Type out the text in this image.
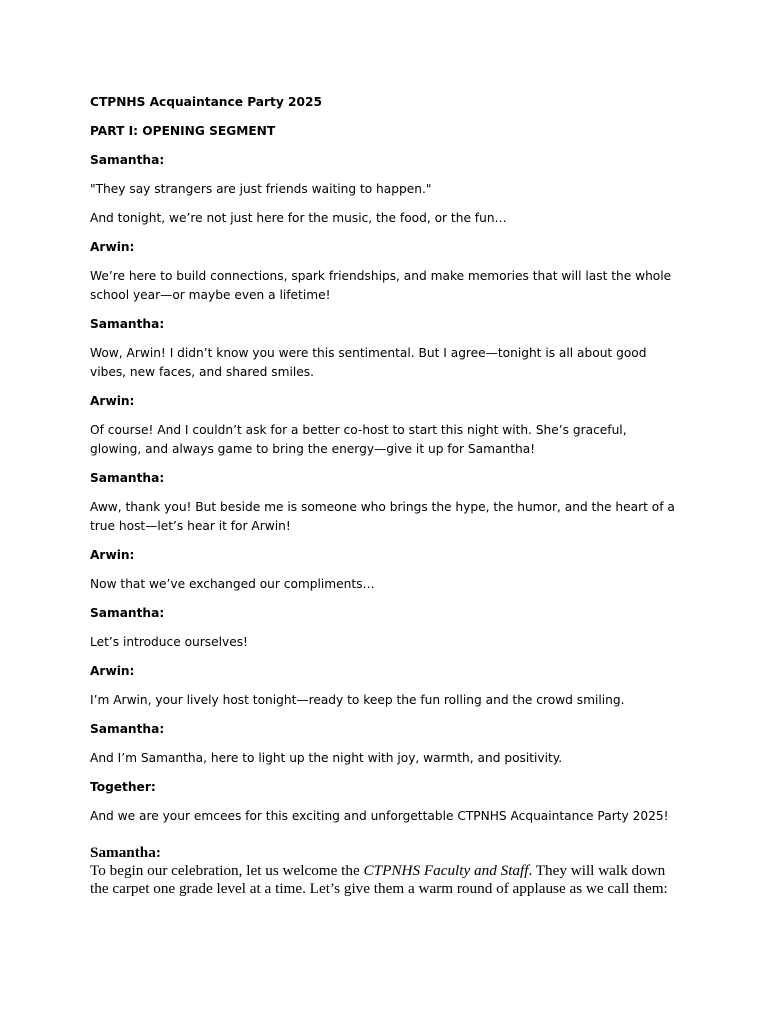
CTPNHS Acquaintance Party 2025

PART I: OPENING SEGMENT

Samantha:

"They say strangers are just friends waiting to happen."

And tonight, we’re not just here for the music, the food, or the fun…

Arwin:

We’re here to build connections, spark friendships, and make memories that will last the whole school year—or maybe even a lifetime!

Samantha:

Wow, Arwin! I didn’t know you were this sentimental. But I agree—tonight is all about good vibes, new faces, and shared smiles.

Arwin:

Of course! And I couldn’t ask for a better co-host to start this night with. She’s graceful, glowing, and always game to bring the energy—give it up for Samantha!

Samantha:

Aww, thank you! But beside me is someone who brings the hype, the humor, and the heart of a true host—let’s hear it for Arwin!

Arwin:

Now that we’ve exchanged our compliments…

Samantha:

Let’s introduce ourselves!

Arwin:

I’m Arwin, your lively host tonight—ready to keep the fun rolling and the crowd smiling.

Samantha:

And I’m Samantha, here to light up the night with joy, warmth, and positivity.

Together:

And we are your emcees for this exciting and unforgettable CTPNHS Acquaintance Party 2025!

Samantha:

To begin our celebration, let us welcome the CTPNHS Faculty and Staff. They will walk down the carpet one grade level at a time. Let’s give them a warm round of applause as we call them:
